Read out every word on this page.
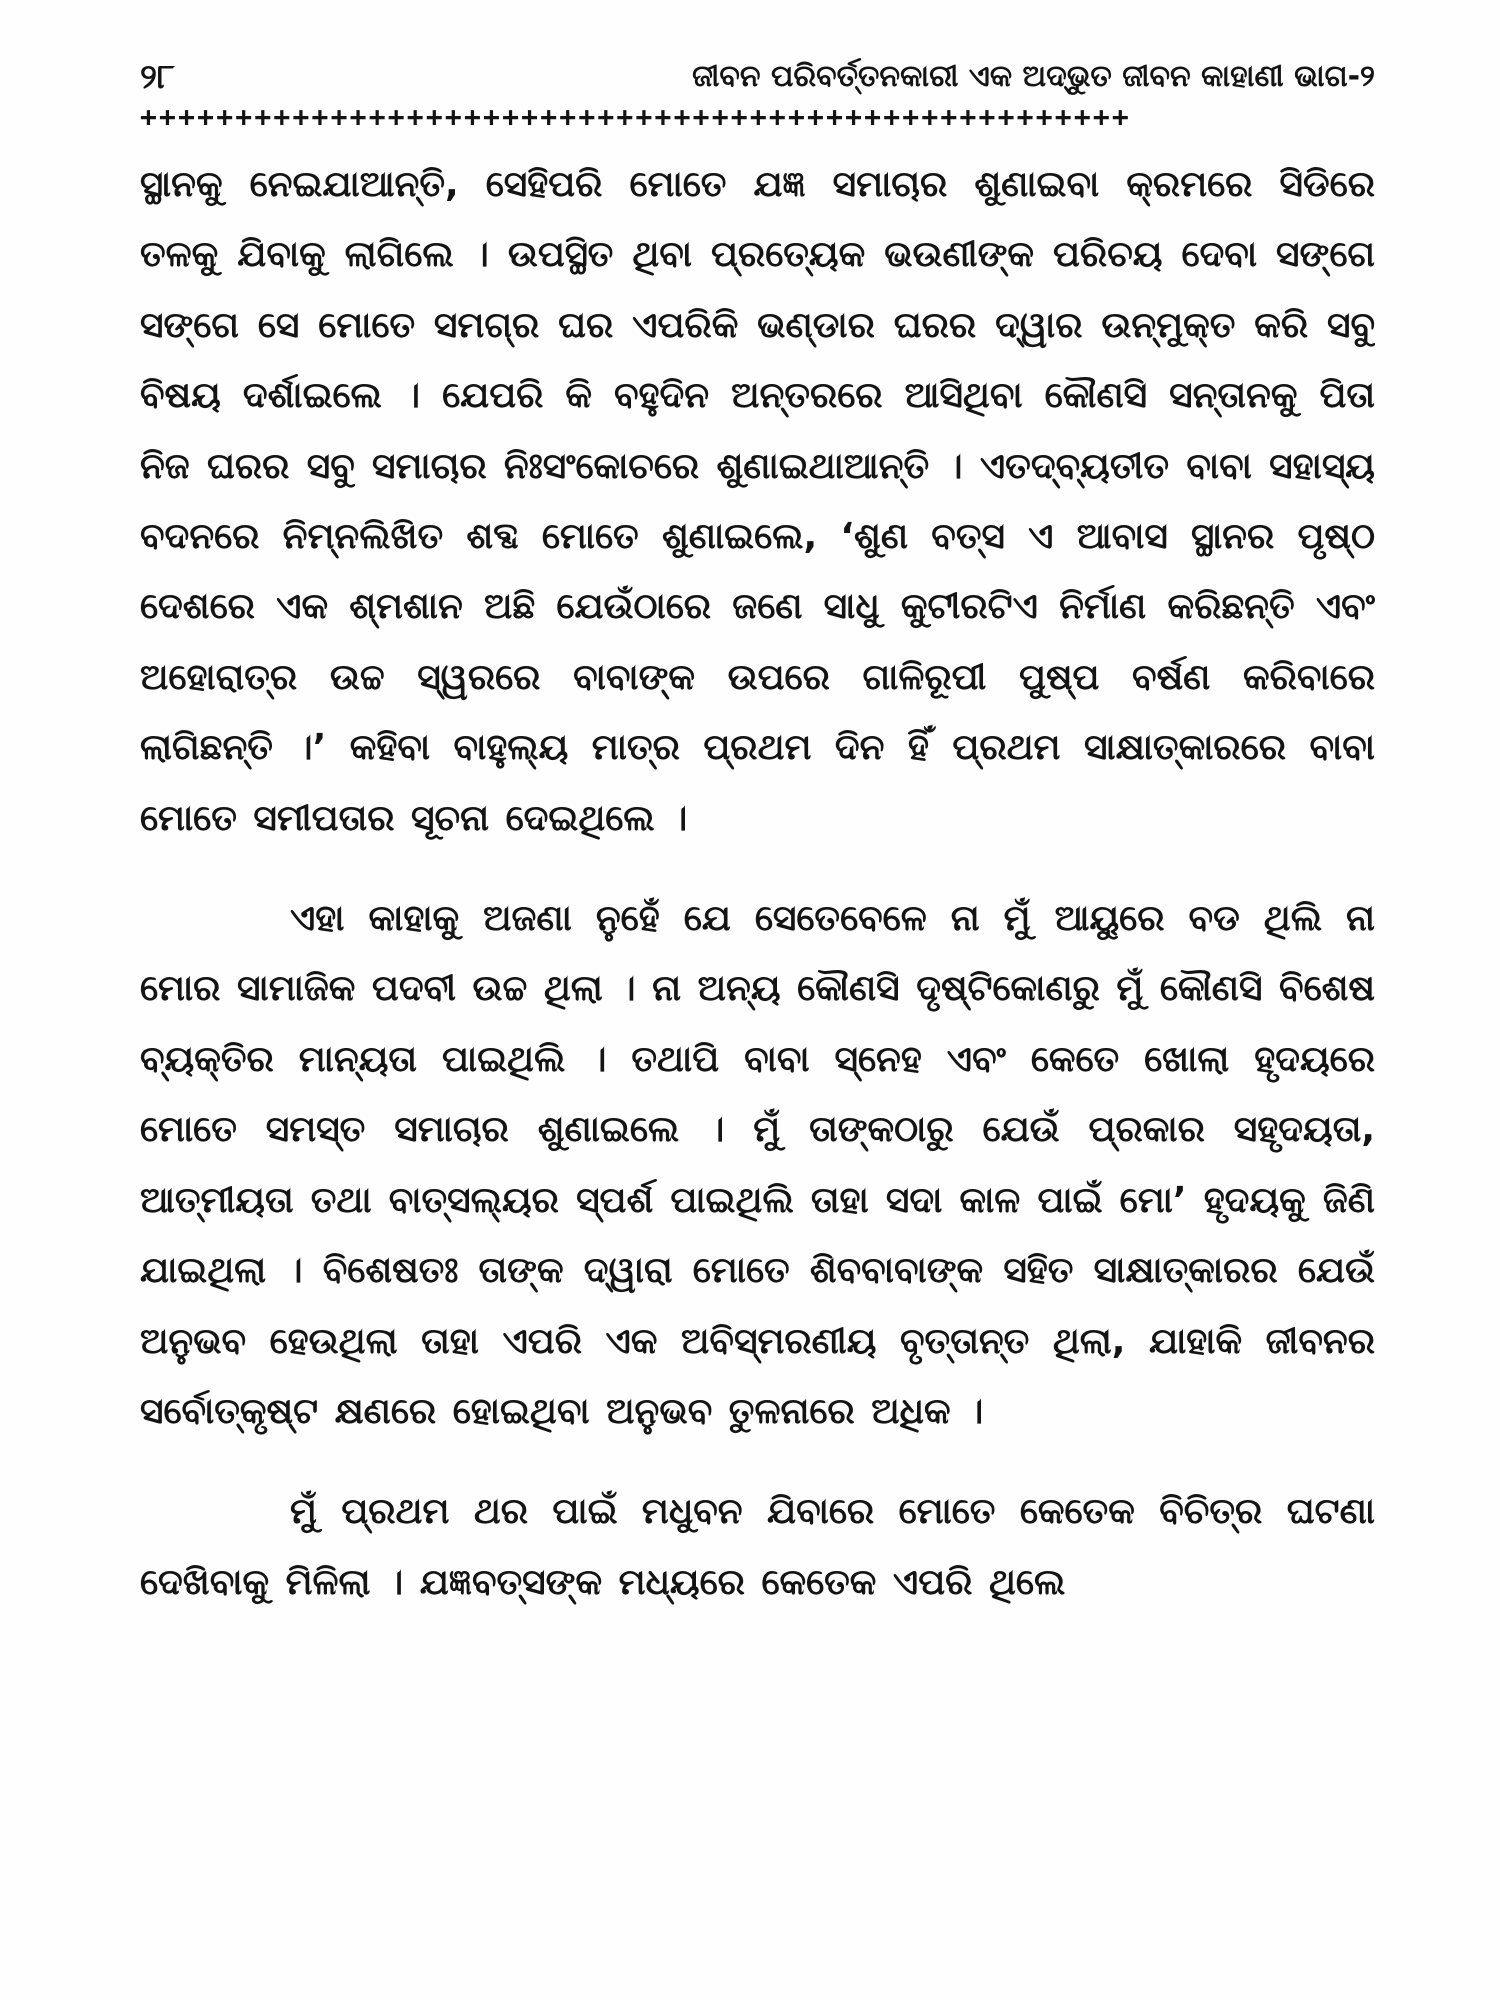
୨୮	ଜୀବନ ପରିବର୍ତ୍ତନକାରୀ ଏକ ଅଦ୍ଭୁତ ଜୀବନ କାହାଣୀ ଭାଗ-୨
++++++++++++++++++++++++++++++++++++++++++++++++++++

ସ୍ଥାନକୁ ନେଇଯାଆନ୍ତି, ସେହିପରି ମୋତେ ଯଜ୍ଞ ସମାଚାର ଶୁଣାଇବା କ୍ରମରେ ସିଡିରେ ତଳକୁ ଯିବାକୁ ଲାଗିଲେ । ଉପସ୍ଥିତ ଥିବା ପ୍ରତ୍ୟେକ ଭଉଣୀଙ୍କ ପରିଚୟ ଦେବା ସଙ୍ଗେ ସଙ୍ଗେ ସେ ମୋତେ ସମଗ୍ର ଘର ଏପରିକି ଭଣ୍ଡାର ଘରର ଦ୍ୱାର ଉନ୍ମୁକ୍ତ କରି ସବୁ ବିଷୟ ଦର୍ଶାଇଲେ । ଯେପରି କି ବହୁଦିନ ଅନ୍ତରରେ ଆସିଥିବା କୌଣସି ସନ୍ତାନକୁ ପିତା ନିଜ ଘରର ସବୁ ସମାଚାର ନିଃସଂକୋଚରେ ଶୁଣାଇଥାଆନ୍ତି । ଏତଦ୍‌ବ୍ୟତୀତ ବାବା ସହାସ୍ୟ ବଦନରେ ନିମ୍ନଲିଖିତ ଶବ୍ଦ ମୋତେ ଶୁଣାଇଲେ, ‘ଶୁଣ ବତ୍ସ ଏ ଆବାସ ସ୍ଥାନର ପୃଷ୍ଠ ଦେଶରେ ଏକ ଶ୍ମଶାନ ଅଛି ଯେଉଁଠାରେ ଜଣେ ସାଧୁ କୁଟୀରଟିଏ ନିର୍ମାଣ କରିଛନ୍ତି ଏବଂ ଅହୋରାତ୍ର ଉଚ୍ଚ ସ୍ୱରରେ ବାବାଙ୍କ ଉପରେ ଗାଳିରୂପୀ ପୁଷ୍ପ ବର୍ଷଣ କରିବାରେ ଲାଗିଛନ୍ତି ।’ କହିବା ବାହୁଲ୍ୟ ମାତ୍ର ପ୍ରଥମ ଦିନ ହିଁ ପ୍ରଥମ ସାକ୍ଷାତ୍କାରରେ ବାବା ମୋତେ ସମୀପତାର ସୂଚନା ଦେଇଥିଲେ ।

ଏହା କାହାକୁ ଅଜଣା ନୁହେଁ ଯେ ସେତେବେଳେ ନା ମୁଁ ଆୟୁରେ ବଡ ଥିଲି ନା ମୋର ସାମାଜିକ ପଦବୀ ଉଚ୍ଚ ଥିଲା । ନା ଅନ୍ୟ କୌଣସି ଦୃଷ୍ଟିକୋଣରୁ ମୁଁ କୌଣସି ବିଶେଷ ବ୍ୟକ୍ତିର ମାନ୍ୟତା ପାଇଥିଲି । ତଥାପି ବାବା ସ୍ନେହ ଏବଂ କେତେ ଖୋଲା ହୃଦୟରେ ମୋତେ ସମସ୍ତ ସମାଚାର ଶୁଣାଇଲେ । ମୁଁ ତାଙ୍କଠାରୁ ଯେଉଁ ପ୍ରକାର ସହୃଦୟତା, ଆତ୍ମୀୟତା ତଥା ବାତ୍ସଲ୍ୟର ସ୍ପର୍ଶ ପାଇଥିଲି ତାହା ସଦା କାଳ ପାଇଁ ମୋ’ ହୃଦୟକୁ ଜିଣି ଯାଇଥିଲା । ବିଶେଷତଃ ତାଙ୍କ ଦ୍ୱାରା ମୋତେ ଶିବବାବାଙ୍କ ସହିତ ସାକ୍ଷାତ୍କାରର ଯେଉଁ ଅନୁଭବ ହେଉଥିଲା ତାହା ଏପରି ଏକ ଅବିସ୍ମରଣୀୟ ବୃତ୍ତାନ୍ତ ଥିଲା, ଯାହାକି ଜୀବନର ସର୍ବୋତ୍କୃଷ୍ଟ କ୍ଷଣରେ ହୋଇଥିବା ଅନୁଭବ ତୁଳନାରେ ଅଧିକ ।

ମୁଁ ପ୍ରଥମ ଥର ପାଇଁ ମଧୁବନ ଯିବାରେ ମୋତେ କେତେକ ବିଚିତ୍ର ଘଟଣା ଦେଖିବାକୁ ମିଳିଲା । ଯଜ୍ଞବତ୍ସଙ୍କ ମଧ୍ୟରେ କେତେକ ଏପରି ଥିଲେ
